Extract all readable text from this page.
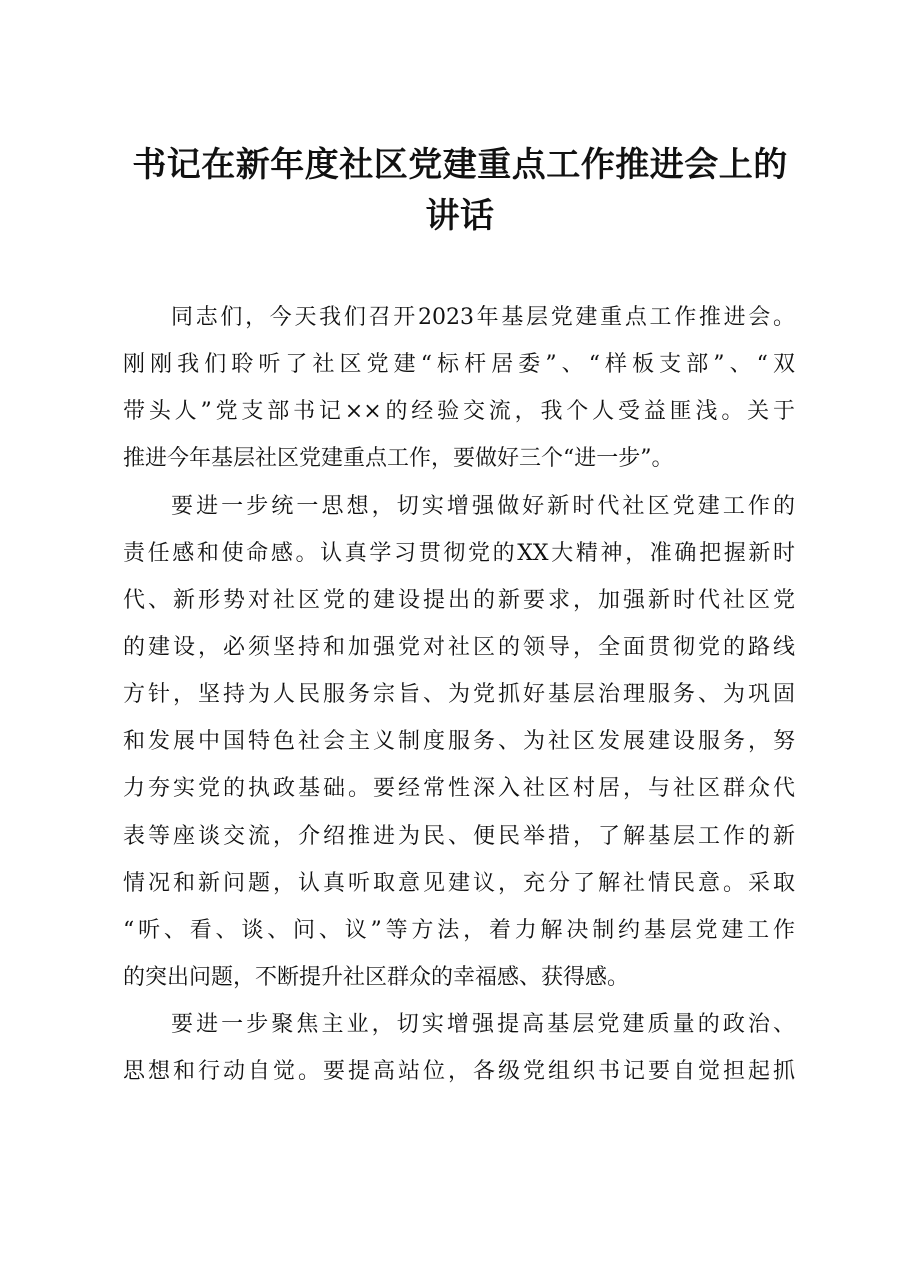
书记在新年度社区党建重点工作推进会上的讲话

同志们，今天我们召开2023年基层党建重点工作推进会。

刚刚我们聆听了社区党建“标杆居委”、“样板支部”、“双

带头人”党支部书记××的经验交流，我个人受益匪浅。关于

推进今年基层社区党建重点工作，要做好三个“进一步”。

要进一步统一思想，切实增强做好新时代社区党建工作的

责任感和使命感。认真学习贯彻党的XX大精神，准确把握新时

代、新形势对社区党的建设提出的新要求，加强新时代社区党

的建设，必须坚持和加强党对社区的领导，全面贯彻党的路线

方针，坚持为人民服务宗旨、为党抓好基层治理服务、为巩固

和发展中国特色社会主义制度服务、为社区发展建设服务，努

力夯实党的执政基础。要经常性深入社区村居，与社区群众代

表等座谈交流，介绍推进为民、便民举措，了解基层工作的新

情况和新问题，认真听取意见建议，充分了解社情民意。采取

“听、看、谈、问、议”等方法，着力解决制约基层党建工作

的突出问题，不断提升社区群众的幸福感、获得感。

要进一步聚焦主业，切实增强提高基层党建质量的政治、

思想和行动自觉。要提高站位，各级党组织书记要自觉担起抓
